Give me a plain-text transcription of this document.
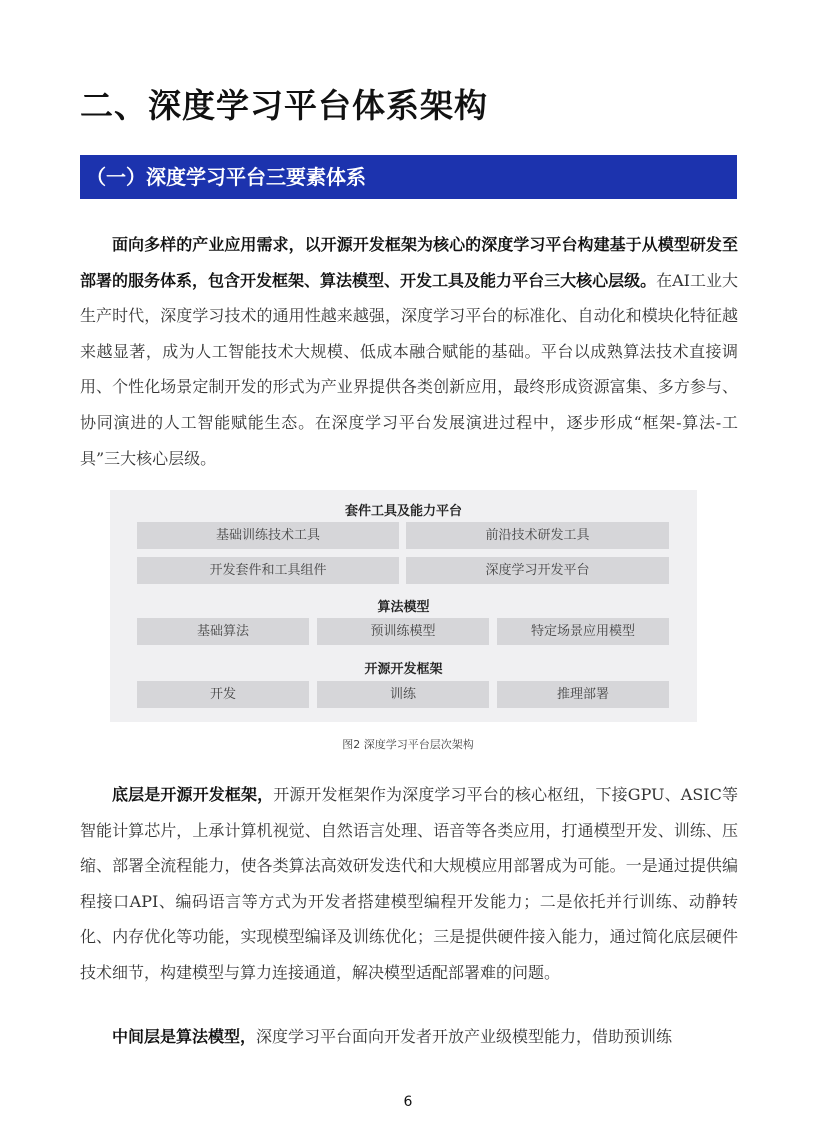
二、深度学习平台体系架构
（一）深度学习平台三要素体系
面向多样的产业应用需求，以开源开发框架为核心的深度学习平台构建基于从模型研发至部署的服务体系，包含开发框架、算法模型、开发工具及能力平台三大核心层级。在AI工业大生产时代，深度学习技术的通用性越来越强，深度学习平台的标准化、自动化和模块化特征越来越显著，成为人工智能技术大规模、低成本融合赋能的基础。平台以成熟算法技术直接调用、个性化场景定制开发的形式为产业界提供各类创新应用，最终形成资源富集、多方参与、协同演进的人工智能赋能生态。在深度学习平台发展演进过程中，逐步形成“框架-算法-工具”三大核心层级。
套件工具及能力平台
基础训练技术工具	前沿技术研发工具
开发套件和工具组件	深度学习开发平台
算法模型
基础算法	预训练模型	特定场景应用模型
开源开发框架
开发	训练	推理部署
图2 深度学习平台层次架构
底层是开源开发框架，开源开发框架作为深度学习平台的核心枢纽，下接GPU、ASIC等智能计算芯片，上承计算机视觉、自然语言处理、语音等各类应用，打通模型开发、训练、压缩、部署全流程能力，使各类算法高效研发迭代和大规模应用部署成为可能。一是通过提供编程接口API、编码语言等方式为开发者搭建模型编程开发能力；二是依托并行训练、动静转化、内存优化等功能，实现模型编译及训练优化；三是提供硬件接入能力，通过简化底层硬件技术细节，构建模型与算力连接通道，解决模型适配部署难的问题。
中间层是算法模型，深度学习平台面向开发者开放产业级模型能力，借助预训练
6
